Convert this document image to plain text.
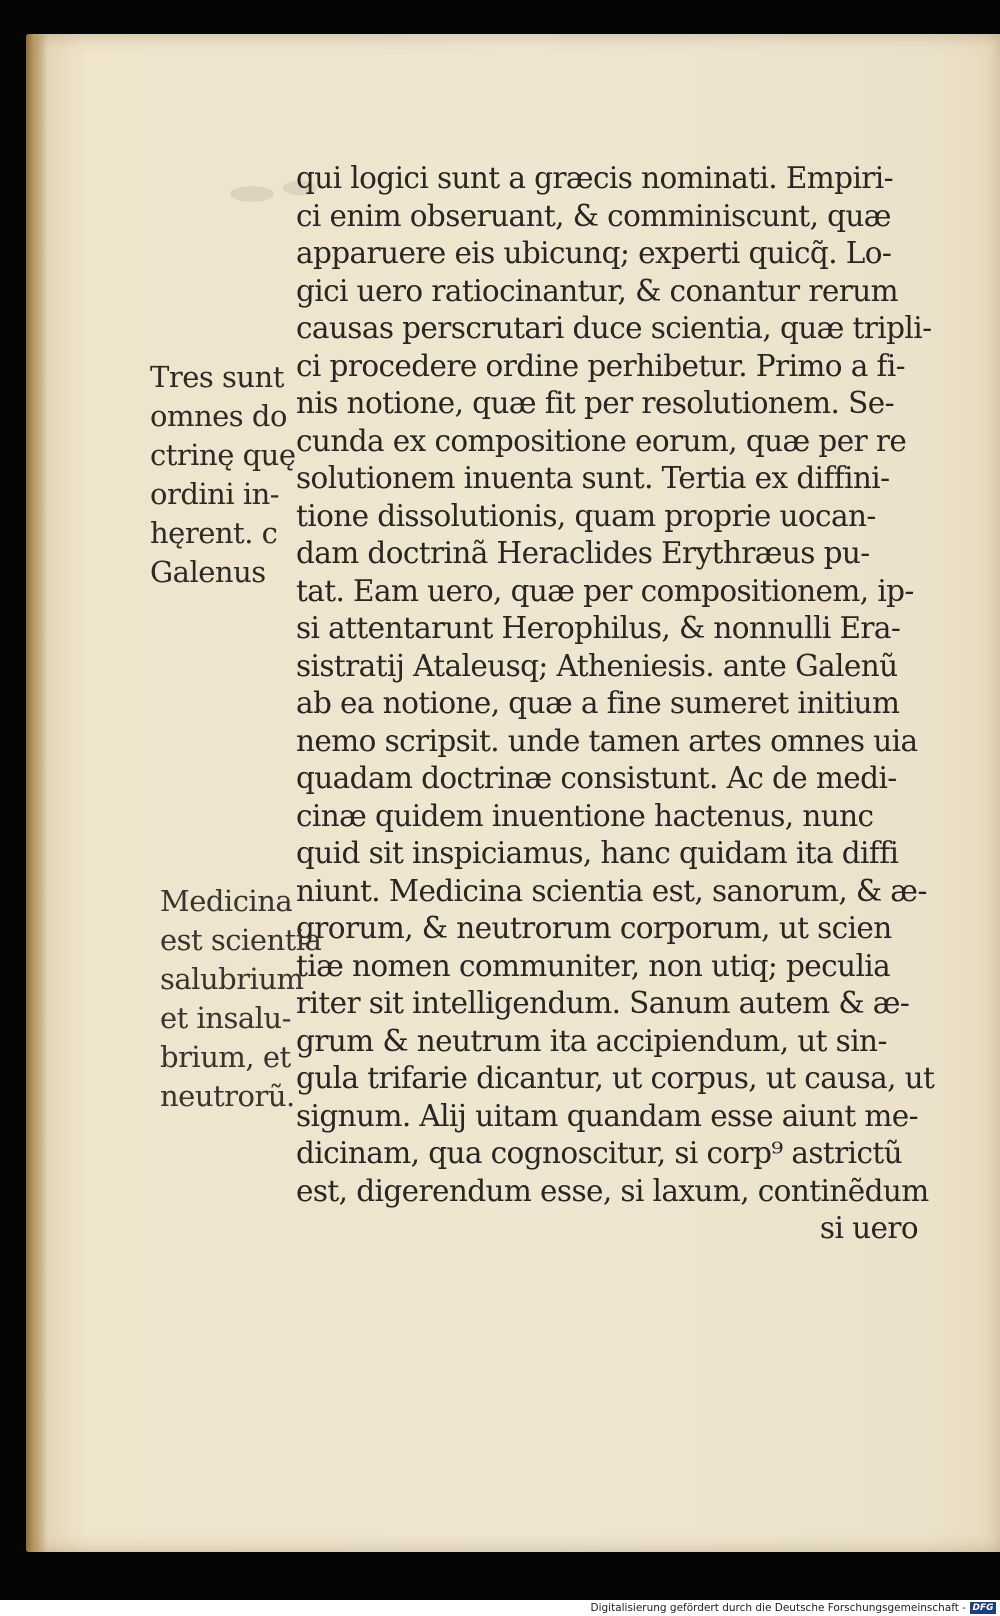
qui logici sunt a græcis nominati. Empiri-
ci enim obseruant, & comminiscunt, quæ
apparuere eis ubicunq; experti quicq̃. Lo-
gici uero ratiocinantur, & conantur rerum
causas perscrutari duce scientia, quæ tripli-
ci procedere ordine perhibetur. Primo a fi-
nis notione, quæ fit per resolutionem. Se-
cunda ex compositione eorum, quæ per re
solutionem inuenta sunt. Tertia ex diffini-
tione dissolutionis, quam proprie uocan-
dam doctrinã Heraclides Erythræus pu-
tat. Eam uero, quæ per compositionem, ip-
si attentarunt Herophilus, & nonnulli Era-
sistratij Ataleusq; Atheniesis. ante Galenũ
ab ea notione, quæ a fine sumeret initium
nemo scripsit. unde tamen artes omnes uia
quadam doctrinæ consistunt. Ac de medi-
cinæ quidem inuentione hactenus, nunc
quid sit inspiciamus, hanc quidam ita diffi
niunt. Medicina scientia est, sanorum, & æ-
grorum, & neutrorum corporum, ut scien
tiæ nomen communiter, non utiq; peculia
riter sit intelligendum. Sanum autem & æ-
grum & neutrum ita accipiendum, ut sin-
gula trifarie dicantur, ut corpus, ut causa, ut
signum. Alij uitam quandam esse aiunt me-
dicinam, qua cognoscitur, si corp⁹ astrictũ
est, digerendum esse, si laxum, continẽdum
si uero
Tres sunt
omnes do
ctrinę quę
ordini in-
hęrent. c
Galenus
Medicina
est scientia
salubrium
et insalu-
brium, et
neutrorũ.
Digitalisierung gefördert durch die Deutsche Forschungsgemeinschaft - DFG
